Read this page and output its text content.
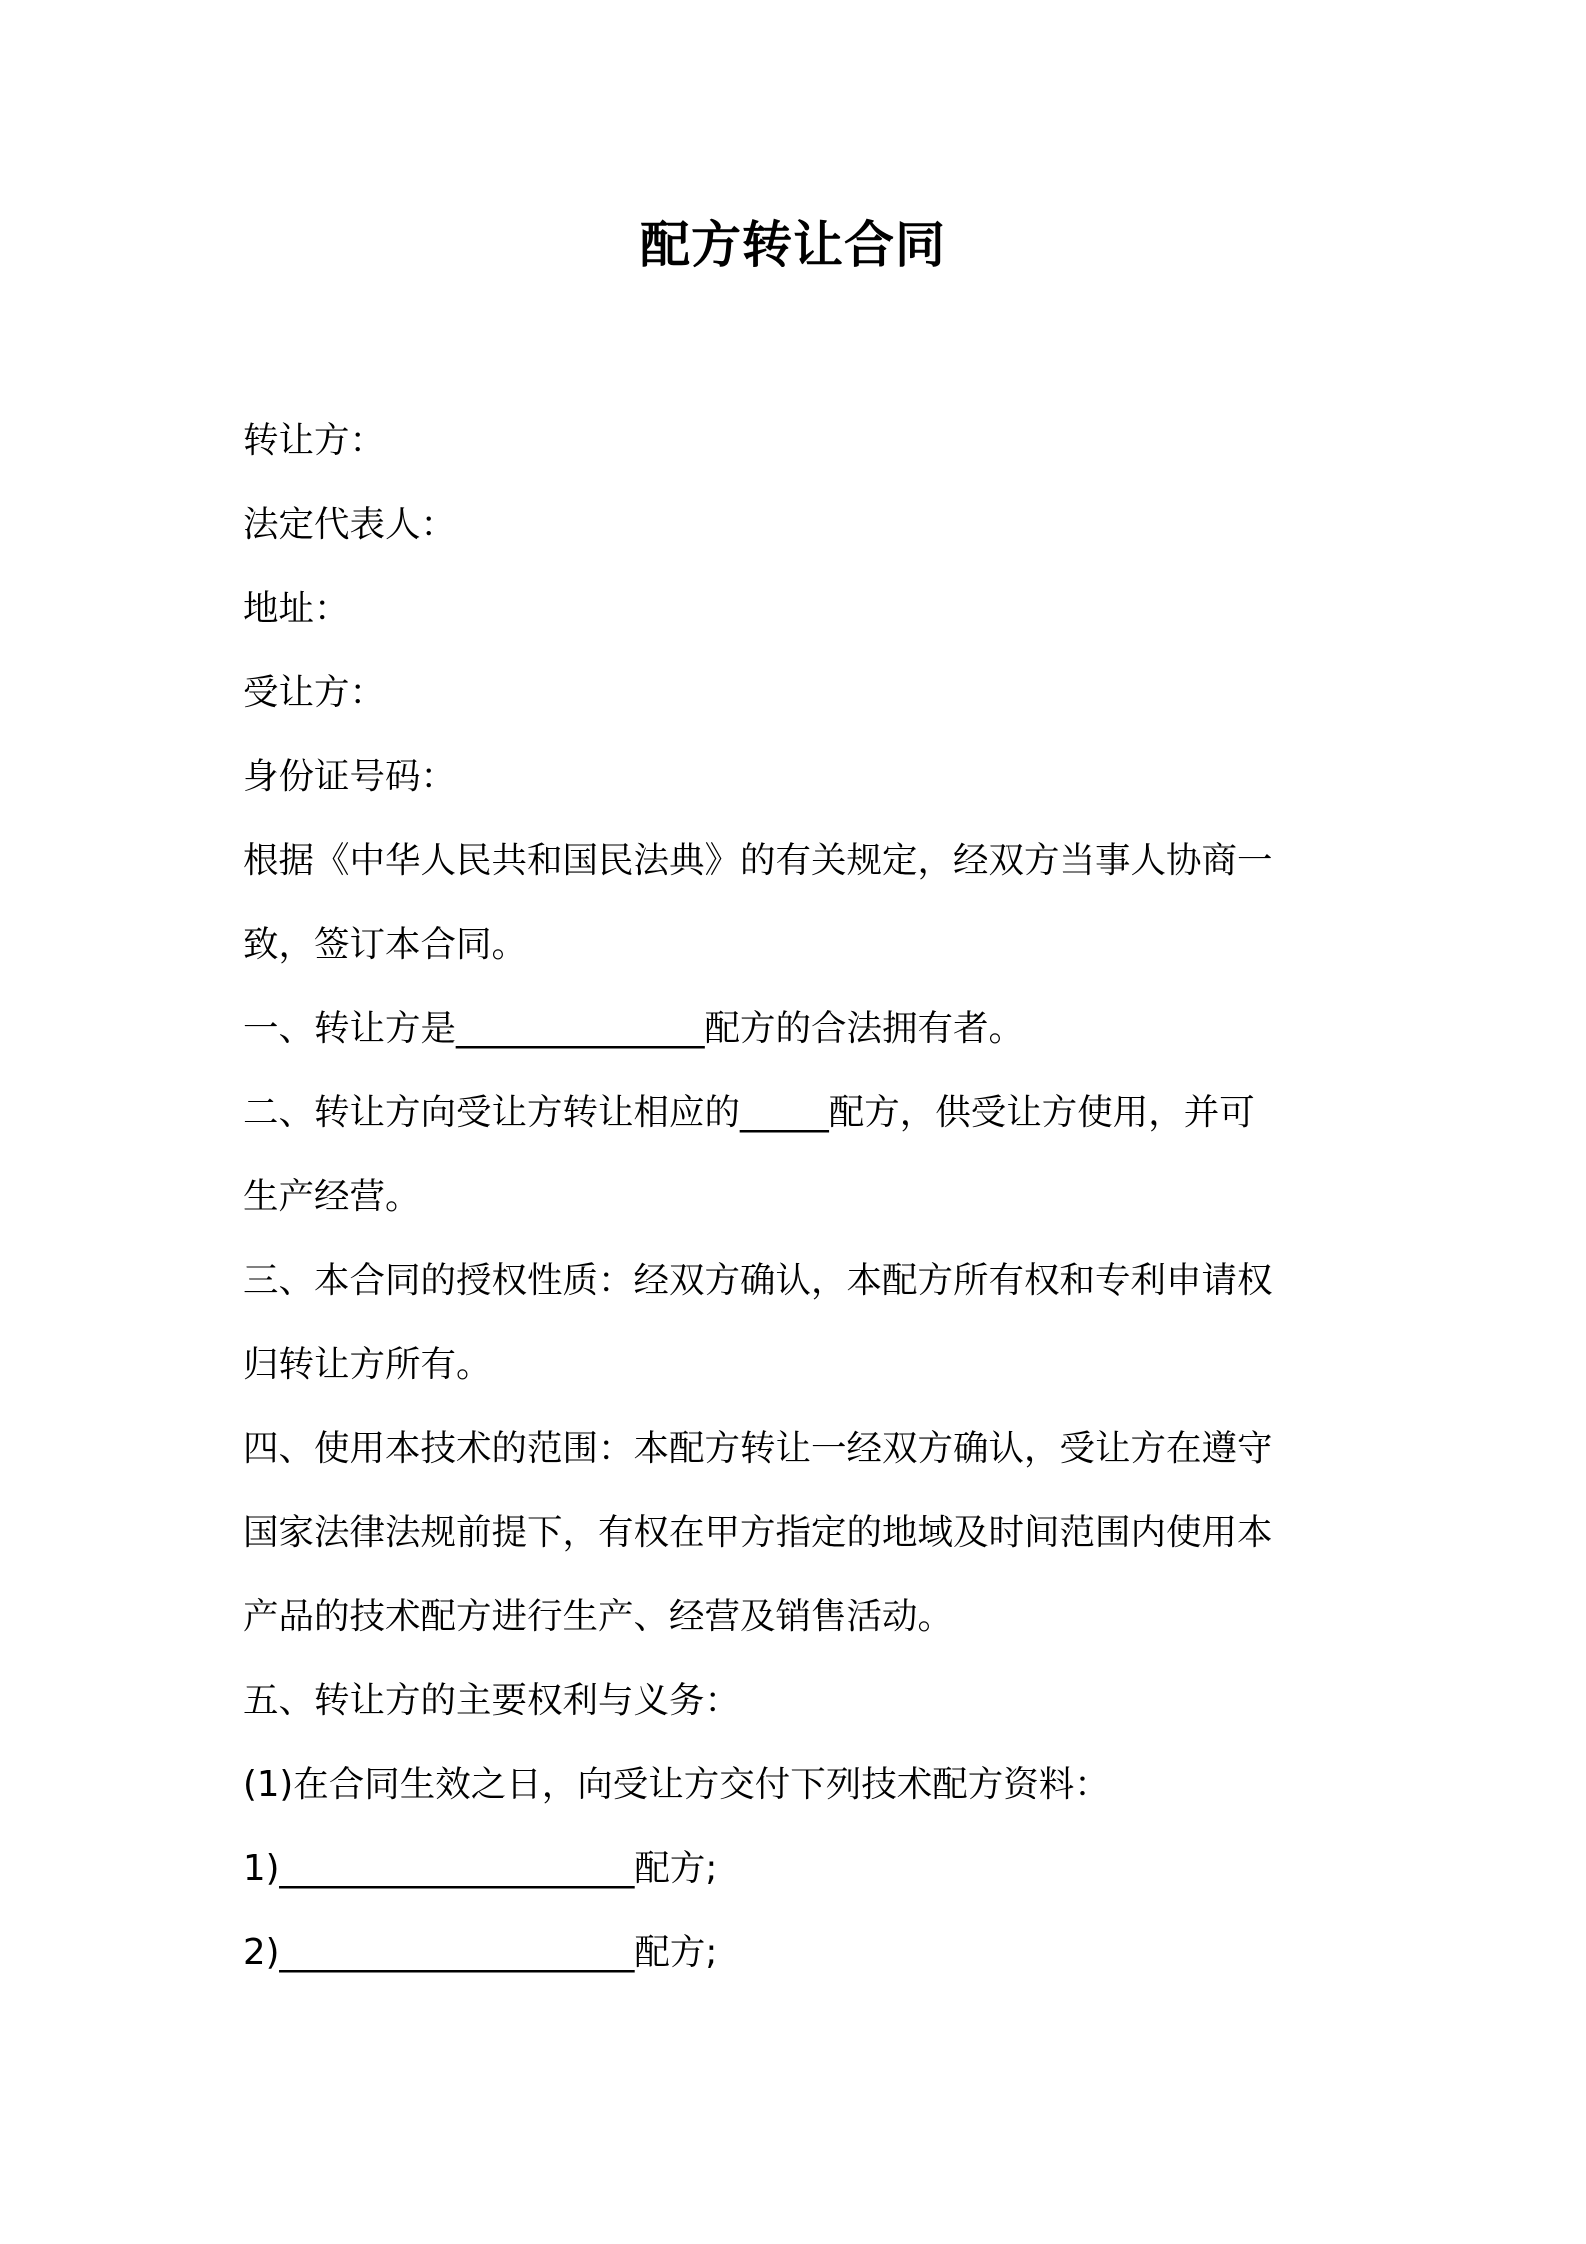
配方转让合同
转让方：
法定代表人：
地址：
受让方：
身份证号码：
根据《中华人民共和国民法典》的有关规定，经双方当事人协商一
致，签订本合同。
一、转让方是______________配方的合法拥有者。
二、转让方向受让方转让相应的_____配方，供受让方使用，并可
生产经营。
三、本合同的授权性质：经双方确认，本配方所有权和专利申请权
归转让方所有。
四、使用本技术的范围：本配方转让一经双方确认，受让方在遵守
国家法律法规前提下，有权在甲方指定的地域及时间范围内使用本
产品的技术配方进行生产、经营及销售活动。
五、转让方的主要权利与义务：
(1)在合同生效之日，向受让方交付下列技术配方资料：
1)____________________配方;
2)____________________配方;
